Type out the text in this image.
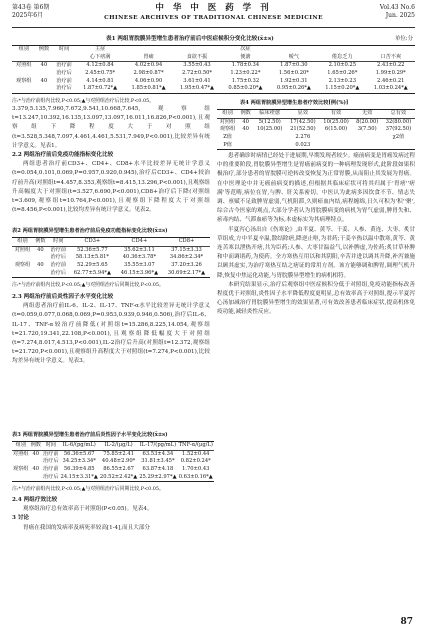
第43卷 第6期
2025年6月
中 华 中 医 药 学 刊
CHINESE ARCHIVES OF TRADITIONAL CHINESE MEDICINE
Vol.43 No.6
Jun. 2025
表1 两组胃脘膜异型增生患者治疗前后中医症候积分变化比较(x̄±s)	单位:分
组别	例数	时间	主症			次症			
			心下痞满	胃痛	食欲不振	便溏	嗳气	倦怠乏力	口苦不爽
对照组	40	治疗前	4.12±0.84	4.02±0.94	3.55±0.43	1.78±0.34	1.87±0.30	2.10±0.25	2.43±0.22
		治疗后	2.45±0.75*	2.98±0.87*	2.72±0.50*	1.23±0.22*	1.56±0.20*	1.65±0.26*	1.99±0.29*
观察组	40	治疗前	4.14±0.81	4.06±0.90	3.61±0.41	1.75±0.32	1.92±0.31	2.13±0.23	2.46±0.21
		治疗后	1.87±0.72*▲	1.85±0.81*▲	1.95±0.47*▲	0.85±0.20*▲	0.95±0.26*▲	1.15±0.20*▲	1.03±0.24*▲

注:*与治疗前组内比较,P<0.05;▲与对照组治疗后比较,P<0.05。

3.379,5.135,7.960,7.672,9.541,10.668,7.645,观察组t=13.247,10.392,16.135,13.097,13.097,16.011,16.826,P<0.001),且观察组下降程度大于对照组(t=3.528,5.348,7.097,4.461,4.461,5.531,7.949,P<0.001),比较差异有统计学意义。见表1。

2.2 两组治疗前后免疫功能指标变化比较

两组患者治疗前CD3+、CD4+、CD8+水平比较差异无统计学意义(t=0.054,0.101,0.069,P=0.957,0.920,0.945),治疗后CD3+、CD4+较治疗前升高(对照组t=4.457,8.353,观察组t=8.415,13.296,P<0.001),且观察组升高幅度大于对照组(t=3.527,6.690,P<0.001),CD8+治疗后下降(对照组t=3.609,观察组t=10.764,P<0.001),且观察组下降程度大于对照组(t=8.456,P<0.001),比较均差异有统计学意义。见表2。

表2 两组胃脘膜异型增生患者治疗前后免疫功能指标变化比较(x̄±s)
组别	例数	时间	CD3+	CD4+	CD8+
对照组	40	治疗前	52.36±5.77	35.62±3.11	37.15±3.33
		治疗后	58.13±5.81*	40.36±3.78*	34.86±2.34*
观察组	40	治疗前	52.29±5.65	35.55±3.07	37.20±3.26
		治疗后	62.77±5.94*▲	46.15±3.96*▲	30.69±2.17*▲
注:*与治疗前组内比较,P<0.05;▲与对照组治疗后同期比较,P<0.05。

2.3 两组治疗前后炎性因子水平变化比较

两组患者治疗前IL-6、IL-2、IL-17、TNF-α水平比较差异无统计学意义(t=0.059,0.077,0.068,0.069,P=0.953,0.939,0.946,0.506),治疗后IL-6、IL-17、TNF-α较治疗前降低(对照组t=15.286,8.225,14.054,观察组t=21.720,19.341,22.108,P<0.001),且观察组降低幅度大于对照组(t=7.274,8.017,4.513,P<0.001),IL-2治疗后升高(对照组t=12.372,观察组t=21.720,P<0.001),且观察组升高程度大于对照组(t=7.274,P<0.001),比较均差异有统计学意义。见表3。

表3 两组胃脘膜异型增生患者治疗前后炎性因子水平变化比较(x̄±s)
组别	例数	时间	IL-6/(pg/mL)	IL-2/(μg/L)	IL-17/(pg/mL)	TNF-α/(μg/L)
对照组	40	治疗前	56.36±5.67	75.85±2.41	63.53±4.34	1.52±0.44
		治疗后	34.25±3.34*	40.48±2.90*	31.81±3.45*	0.82±0.24*
观察组	40	治疗前	56.39±4.85	86.55±2.67	63.87±4.18	1.70±0.43
		治疗后	24.15±3.31*▲	20.52±2.42*▲	25.29±2.97*▲	0.63±0.16*▲
注:*与治疗前组内比较,P<0.05;▲与对照组治疗后同期比较,P<0.05。

2.4 两组疗效比较

观察组治疗总有效率高于对照组(P<0.05)。见表4。

3 讨论

胃癌在我国的发病率及病死率较高[1-4],而且大部分

表4 两组胃脘膜异型增生患者疗效比较[例(%)]
组别	例数	临床痊愈	显效	有效	无效	总有效
对照组	40	5(12.50)	17(42.50)	10(25.00)	8(20.00)	32(80.00)
观察组	40	10(25.00)	21(52.50)	6(15.00)	3(7.50)	37(92.50)
Z值			2.276			χ2值
P值			0.023			

患者确诊时病情已经处于进展期,早期发现者较少。癌前病变是胃癌发病过程中的重要阶段,胃脘膜异型增生是胃癌前病变的一种病理发现形式,此阶段如果积极治疗,部分患者的胃脘膜可逆转改变恢复为正常胃膜,从而阻止其发展为胃癌。在中医理论中并无癌前病变的描述,但根据其临床症状可将其归属于'胃痞''痞满'等范畴,病位在胃,与脾、肝关系密切。中医认为此病多因饮食不节、情志失调、禀赋不足致脾胃虚弱,气机阻滞,久则瘀血内结,病程缠绵,日久可积为'积''聚',综合古今医家的观点,大部分学者认为胃脘膜病变的病机为胃气虚弱,脾胃失和、瘀毒内结、气滞血瘀等为标,本虚标实为其病理特点。

半夏泻心汤出自《伤寒论》,由半夏、黄芩、干姜、人参、黄连、大枣、炙甘草组成,方中半夏辛温,散结除痞,降逆止呕,为君药;干姜辛热以温中散寒,黄芩、黄连苦寒以泄热开痞,共为臣药;人参、大枣甘温益气,以补脾虚,为佐药;炙甘草补脾和中而调诸药,为使药。全方寒热互用以和其阴阳,辛苦并进以调其升降,补泻兼施以顾其虚实,为治疗寒热互结之痞证的常用方剂。该方能够调和脾胃,调理气机升降,恢复中焦运化功能,与胃脘膜异型增生的病机相符。

本研究结果显示,治疗后观察组中医症候积分低于对照组,免疫功能指标改善程度优于对照组,炎性因子水平降低程度更明显,总有效率高于对照组,提示半夏泻心汤加减治疗胃脘膜异型增生的效果显著,可有效改善患者临床症状,提高机体免疫功能,减轻炎性反应。

87
